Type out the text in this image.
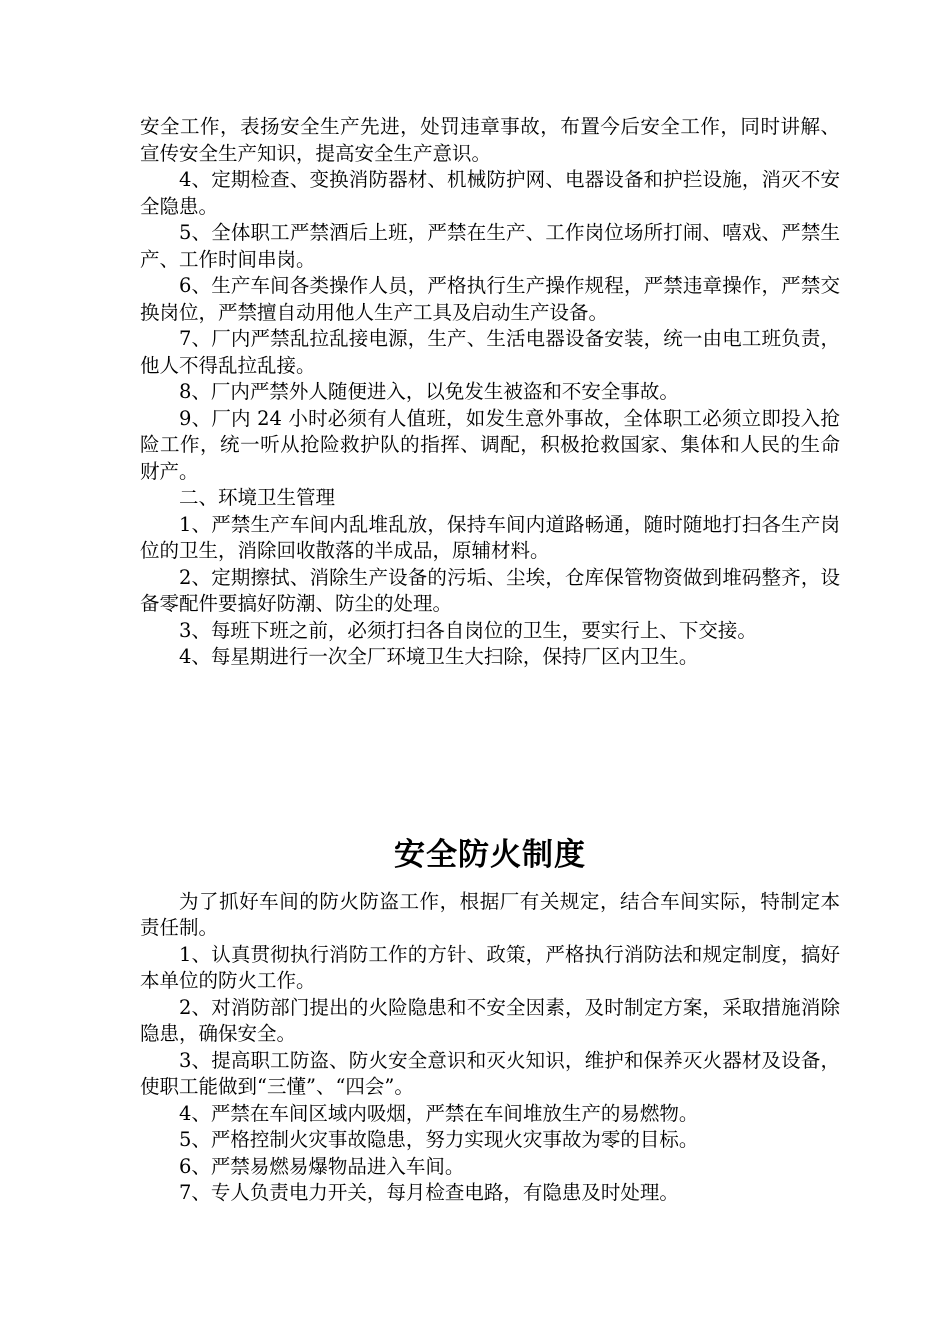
安全工作，表扬安全生产先进，处罚违章事故，布置今后安全工作，同时讲解、宣传安全生产知识，提高安全生产意识。

4、定期检查、变换消防器材、机械防护网、电器设备和护拦设施，消灭不安全隐患。

5、全体职工严禁酒后上班，严禁在生产、工作岗位场所打闹、嘻戏、严禁生产、工作时间串岗。

6、生产车间各类操作人员，严格执行生产操作规程，严禁违章操作，严禁交换岗位，严禁擅自动用他人生产工具及启动生产设备。

7、厂内严禁乱拉乱接电源，生产、生活电器设备安装，统一由电工班负责，他人不得乱拉乱接。

8、厂内严禁外人随便进入，以免发生被盗和不安全事故。

9、厂内 24 小时必须有人值班，如发生意外事故，全体职工必须立即投入抢险工作，统一听从抢险救护队的指挥、调配，积极抢救国家、集体和人民的生命财产。

二、环境卫生管理

1、严禁生产车间内乱堆乱放，保持车间内道路畅通，随时随地打扫各生产岗位的卫生，消除回收散落的半成品，原辅材料。

2、定期擦拭、消除生产设备的污垢、尘埃，仓库保管物资做到堆码整齐，设备零配件要搞好防潮、防尘的处理。

3、每班下班之前，必须打扫各自岗位的卫生，要实行上、下交接。

4、每星期进行一次全厂环境卫生大扫除，保持厂区内卫生。

安全防火制度

为了抓好车间的防火防盗工作，根据厂有关规定，结合车间实际，特制定本责任制。

1、认真贯彻执行消防工作的方针、政策，严格执行消防法和规定制度，搞好本单位的防火工作。

2、对消防部门提出的火险隐患和不安全因素，及时制定方案，采取措施消除隐患，确保安全。

3、提高职工防盗、防火安全意识和灭火知识，维护和保养灭火器材及设备，使职工能做到“三懂”、“四会”。

4、严禁在车间区域内吸烟，严禁在车间堆放生产的易燃物。

5、严格控制火灾事故隐患，努力实现火灾事故为零的目标。

6、严禁易燃易爆物品进入车间。

7、专人负责电力开关，每月检查电路，有隐患及时处理。
